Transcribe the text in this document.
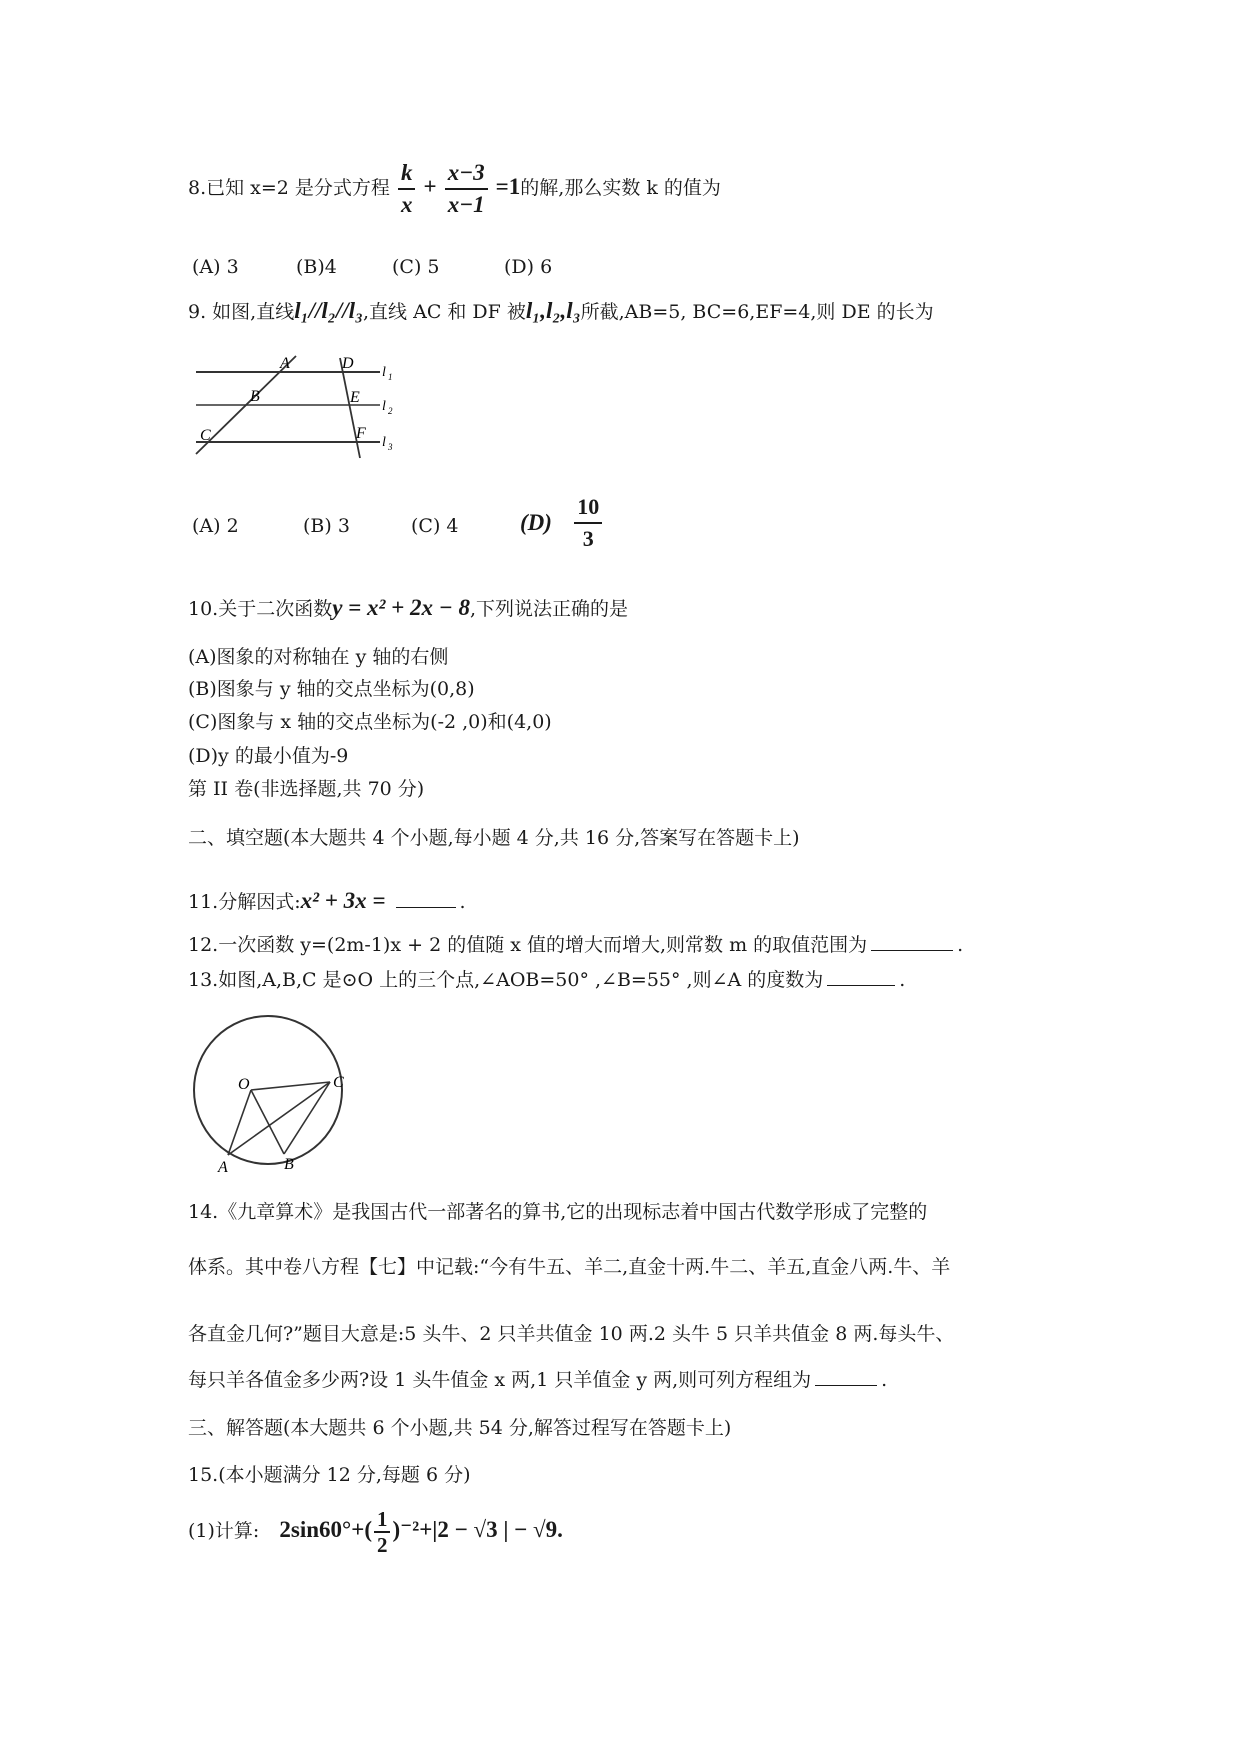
8.已知 x=2 是分式方程 $\frac{k}{x} + \frac{x-3}{x-1} =1$的解,那么实数 k 的值为
(A) 3	(B)4	(C) 5	(D) 6
9. 如图,直线l₁//l₂//l₃,直线 AC 和 DF 被l₁,l₂,l₃所截,AB=5, BC=6,EF=4,则 DE 的长为
A
B
C
D
E
F
l 1
l 2
l 3
(A) 2	(B) 3	(C) 4	$(D) \frac{10}{3}$
10.关于二次函数y = x² + 2x − 8,下列说法正确的是
(A)图象的对称轴在 y 轴的右侧
(B)图象与 y 轴的交点坐标为(0,8)
(C)图象与 x 轴的交点坐标为(-2 ,0)和(4,0)
(D)y 的最小值为-9
第 II 卷(非选择题,共 70 分)
二、填空题(本大题共 4 个小题,每小题 4 分,共 16 分,答案写在答题卡上)
11.分解因式:x² + 3x =	.
12.一次函数 y=(2m-1)x + 2 的值随 x 值的增大而增大,则常数 m 的取值范围为	.
13.如图,A,B,C 是⊙O 上的三个点,∠AOB=50° ,∠B=55° ,则∠A 的度数为	.
O	C
A	B
14.《九章算术》是我国古代一部著名的算书,它的出现标志着中国古代数学形成了完整的
体系。其中卷八方程【七】中记载:“今有牛五、羊二,直金十两.牛二、羊五,直金八两.牛、羊
各直金几何?”题目大意是:5 头牛、2 只羊共值金 10 两.2 头牛 5 只羊共值金 8 两.每头牛、
每只羊各值金多少两?设 1 头牛值金 x 两,1 只羊值金 y 两,则可列方程组为	.
三、解答题(本大题共 6 个小题,共 54 分,解答过程写在答题卡上)
15.(本小题满分 12 分,每题 6 分)
(1)计算: $2\sin 60^\circ+( \frac{1}{2} )^{-2}+|2 - √3$ | − √9.
